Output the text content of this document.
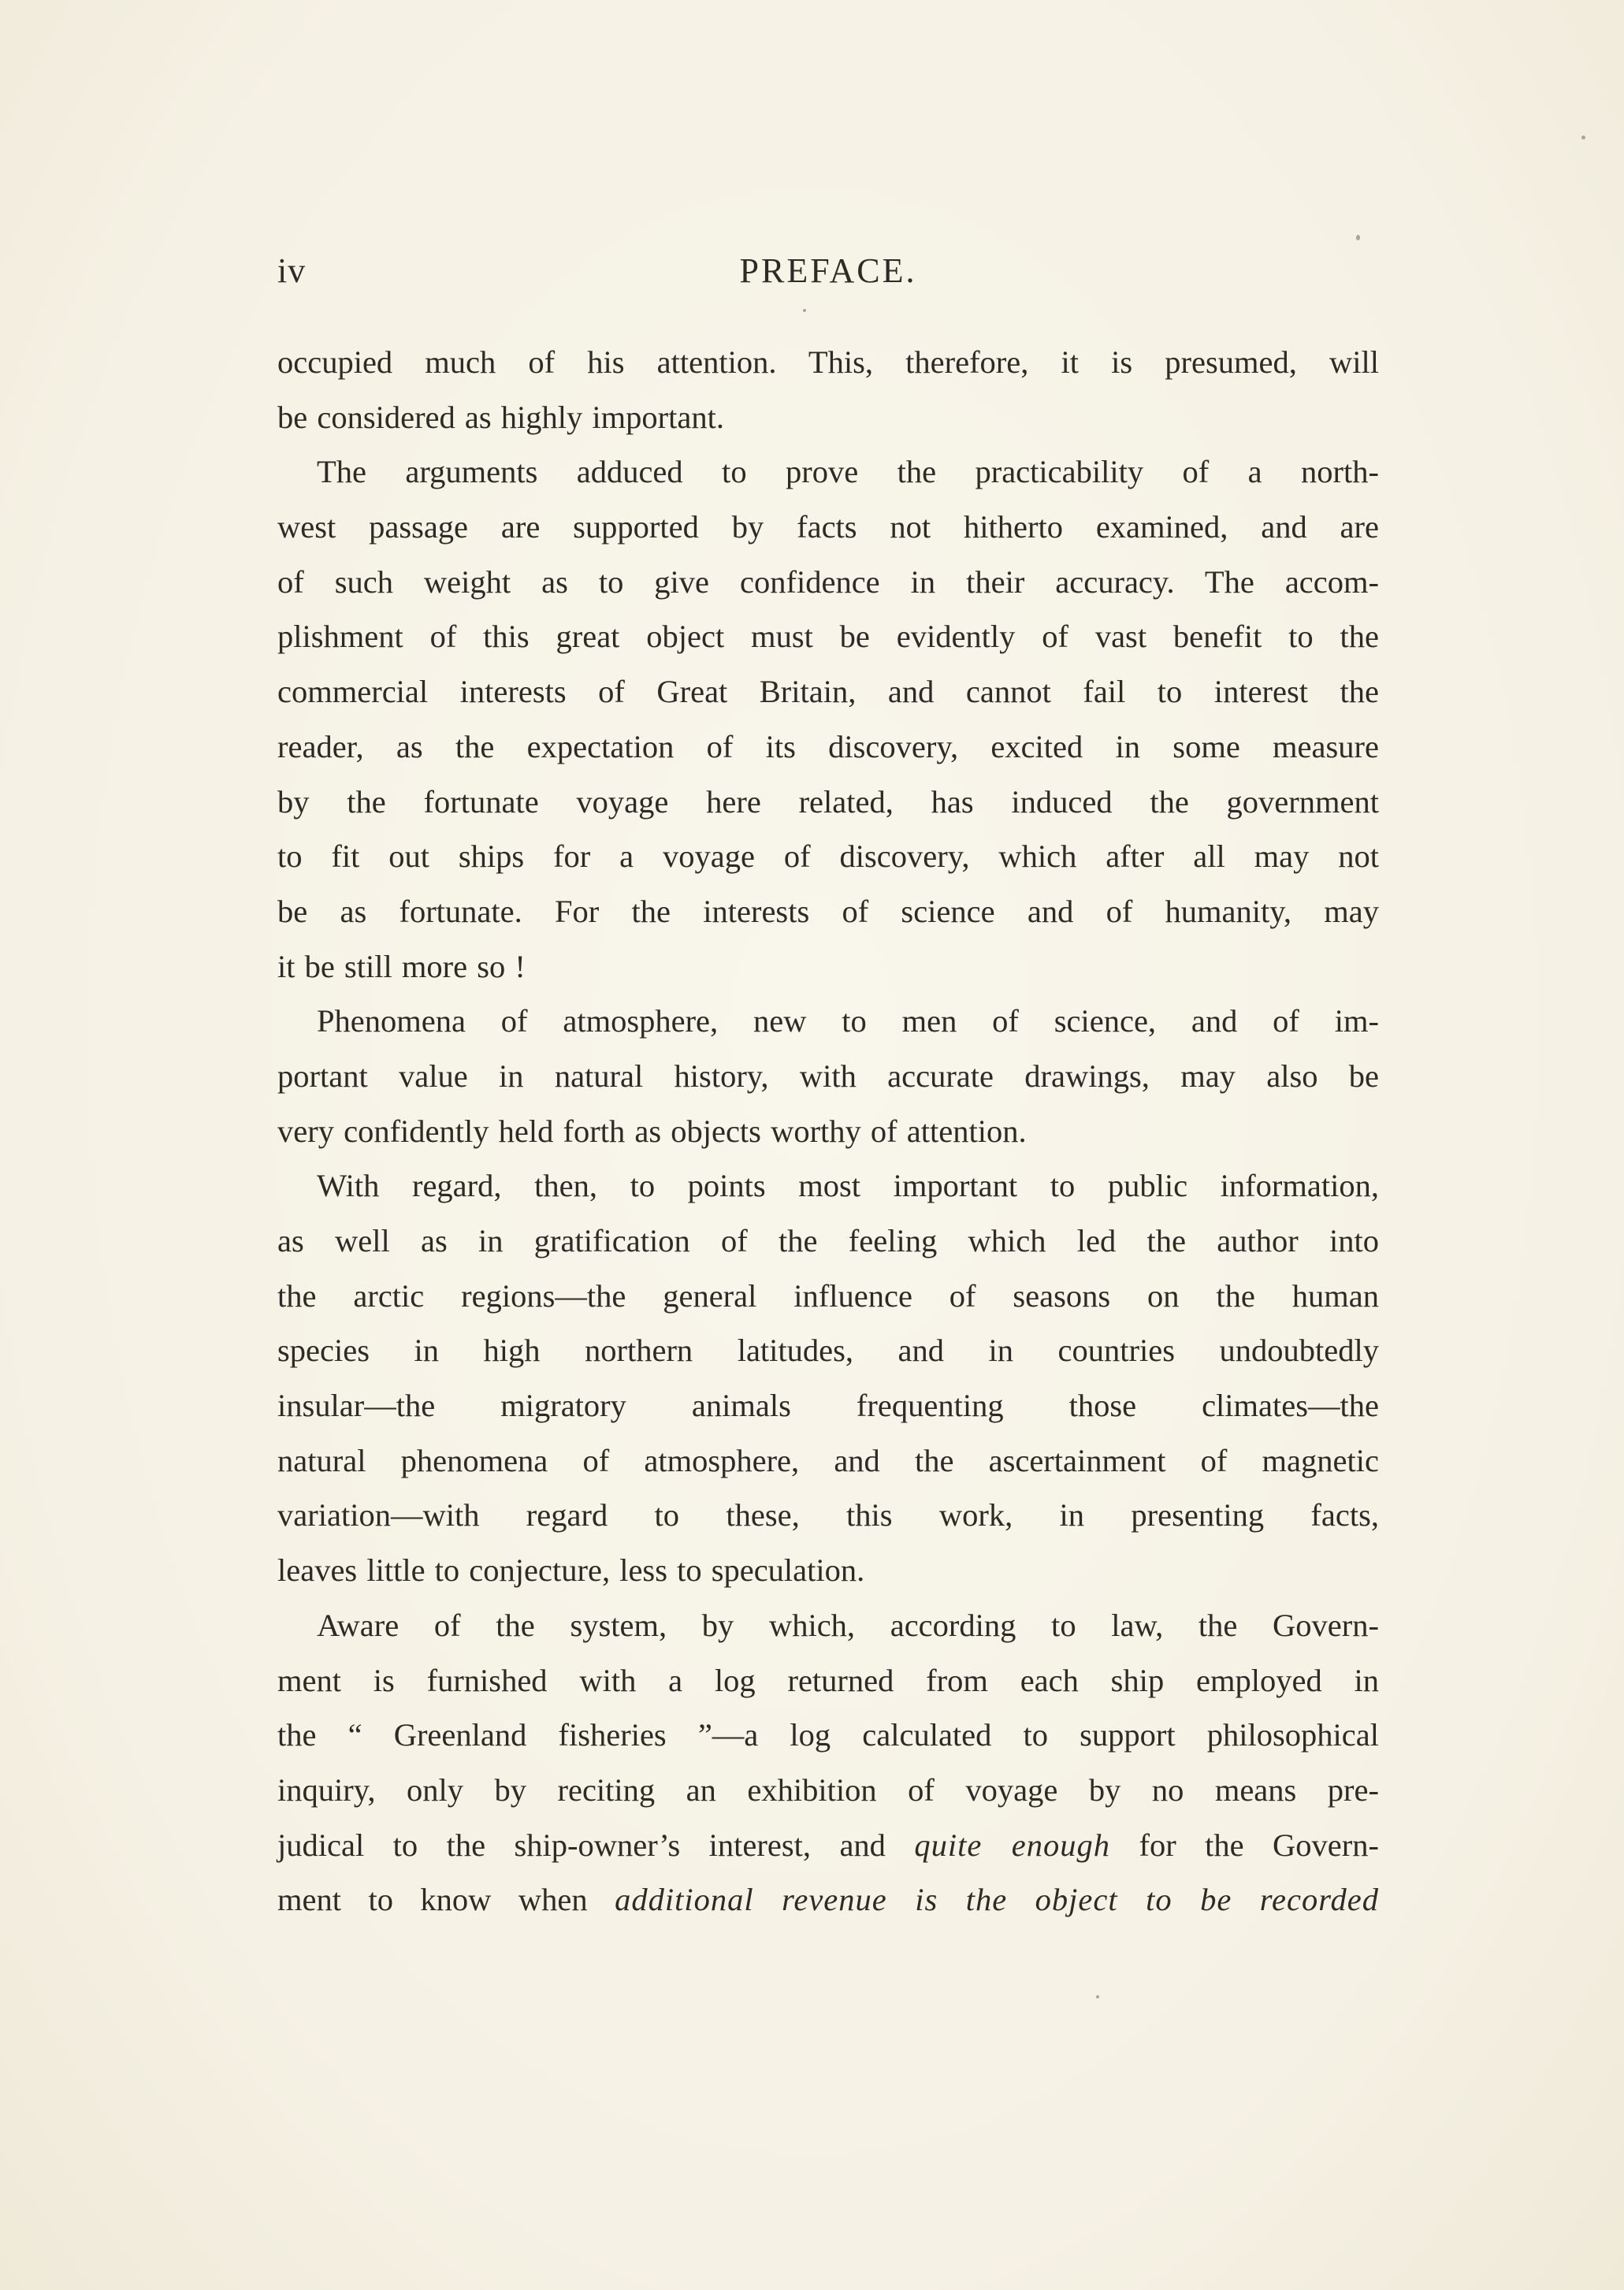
iv	PREFACE.
occupied much of his attention. This, therefore, it is presumed, will
be considered as highly important.
The arguments adduced to prove the practicability of a north-
west passage are supported by facts not hitherto examined, and are
of such weight as to give confidence in their accuracy. The accom-
plishment of this great object must be evidently of vast benefit to the
commercial interests of Great Britain, and cannot fail to interest the
reader, as the expectation of its discovery, excited in some measure
by the fortunate voyage here related, has induced the government
to fit out ships for a voyage of discovery, which after all may not
be as fortunate. For the interests of science and of humanity, may
it be still more so !
Phenomena of atmosphere, new to men of science, and of im-
portant value in natural history, with accurate drawings, may also be
very confidently held forth as objects worthy of attention.
With regard, then, to points most important to public information,
as well as in gratification of the feeling which led the author into
the arctic regions—the general influence of seasons on the human
species in high northern latitudes, and in countries undoubtedly
insular—the migratory animals frequenting those climates—the
natural phenomena of atmosphere, and the ascertainment of magnetic
variation—with regard to these, this work, in presenting facts,
leaves little to conjecture, less to speculation.
Aware of the system, by which, according to law, the Govern-
ment is furnished with a log returned from each ship employed in
the “ Greenland fisheries ”—a log calculated to support philosophical
inquiry, only by reciting an exhibition of voyage by no means pre-
judical to the ship-owner’s interest, and quite enough for the Govern-
ment to know when additional revenue is the object to be recorded
